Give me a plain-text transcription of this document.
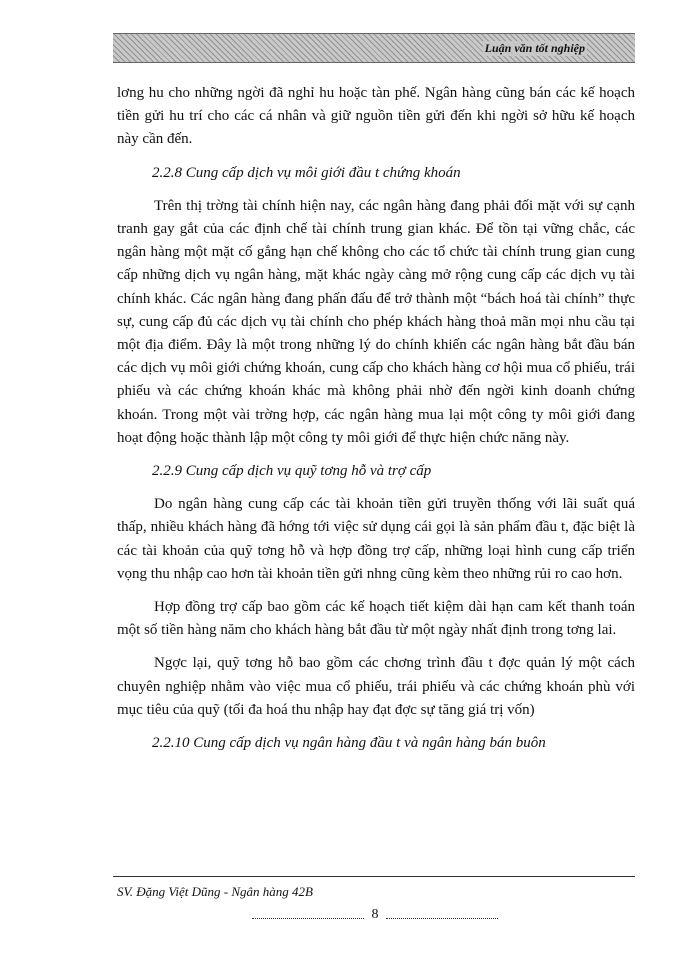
Luận văn tốt nghiệp

lơng hu cho những ngời đã nghỉ hu hoặc tàn phế. Ngân hàng cũng bán các kế hoạch tiền gửi hu trí cho các cá nhân và giữ nguồn tiền gửi đến khi ngời sở hữu kế hoạch này cần đến.

2.2.8 Cung cấp dịch vụ môi giới đầu t chứng khoán

Trên thị trờng tài chính hiện nay, các ngân hàng đang phải đối mặt với sự cạnh tranh gay gắt của các định chế tài chính trung gian khác. Để tồn tại vững chắc, các ngân hàng một mặt cố gắng hạn chế không cho các tổ chức tài chính trung gian cung cấp những dịch vụ ngân hàng, mặt khác ngày càng mở rộng cung cấp các dịch vụ tài chính khác. Các ngân hàng đang phấn đấu để trở thành một “bách hoá tài chính” thực sự, cung cấp đủ các dịch vụ tài chính cho phép khách hàng thoả mãn mọi nhu cầu tại một địa điểm. Đây là một trong những lý do chính khiến các ngân hàng bắt đầu bán các dịch vụ môi giới chứng khoán, cung cấp cho khách hàng cơ hội mua cổ phiếu, trái phiếu và các chứng khoán khác mà không phải nhờ đến ngời kinh doanh chứng khoán. Trong một vài trờng hợp, các ngân hàng mua lại một công ty môi giới đang hoạt động hoặc thành lập một công ty môi giới để thực hiện chức năng này.

2.2.9 Cung cấp dịch vụ quỹ tơng hỗ và trợ cấp

Do ngân hàng cung cấp các tài khoản tiền gửi truyền thống với lãi suất quá thấp, nhiều khách hàng đã hớng tới việc sử dụng cái gọi là sản phẩm đầu t, đặc biệt là các tài khoản của quỹ tơng hỗ và hợp đồng trợ cấp, những loại hình cung cấp triển vọng thu nhập cao hơn tài khoản tiền gửi nhng cũng kèm theo những rủi ro cao hơn.

Hợp đồng trợ cấp bao gồm các kế hoạch tiết kiệm dài hạn cam kết thanh toán một số tiền hàng năm cho khách hàng bắt đầu từ một ngày nhất định trong tơng lai.

Ngợc lại, quỹ tơng hỗ bao gồm các chơng trình đầu t đợc quản lý một cách chuyên nghiệp nhằm vào việc mua cổ phiếu, trái phiếu và các chứng khoán phù với mục tiêu của quỹ (tối đa hoá thu nhập hay đạt đợc sự tăng giá trị vốn)

2.2.10 Cung cấp dịch vụ ngân hàng đầu t và ngân hàng bán buôn
SV. Đặng Việt Dũng - Ngân hàng 42B
8
